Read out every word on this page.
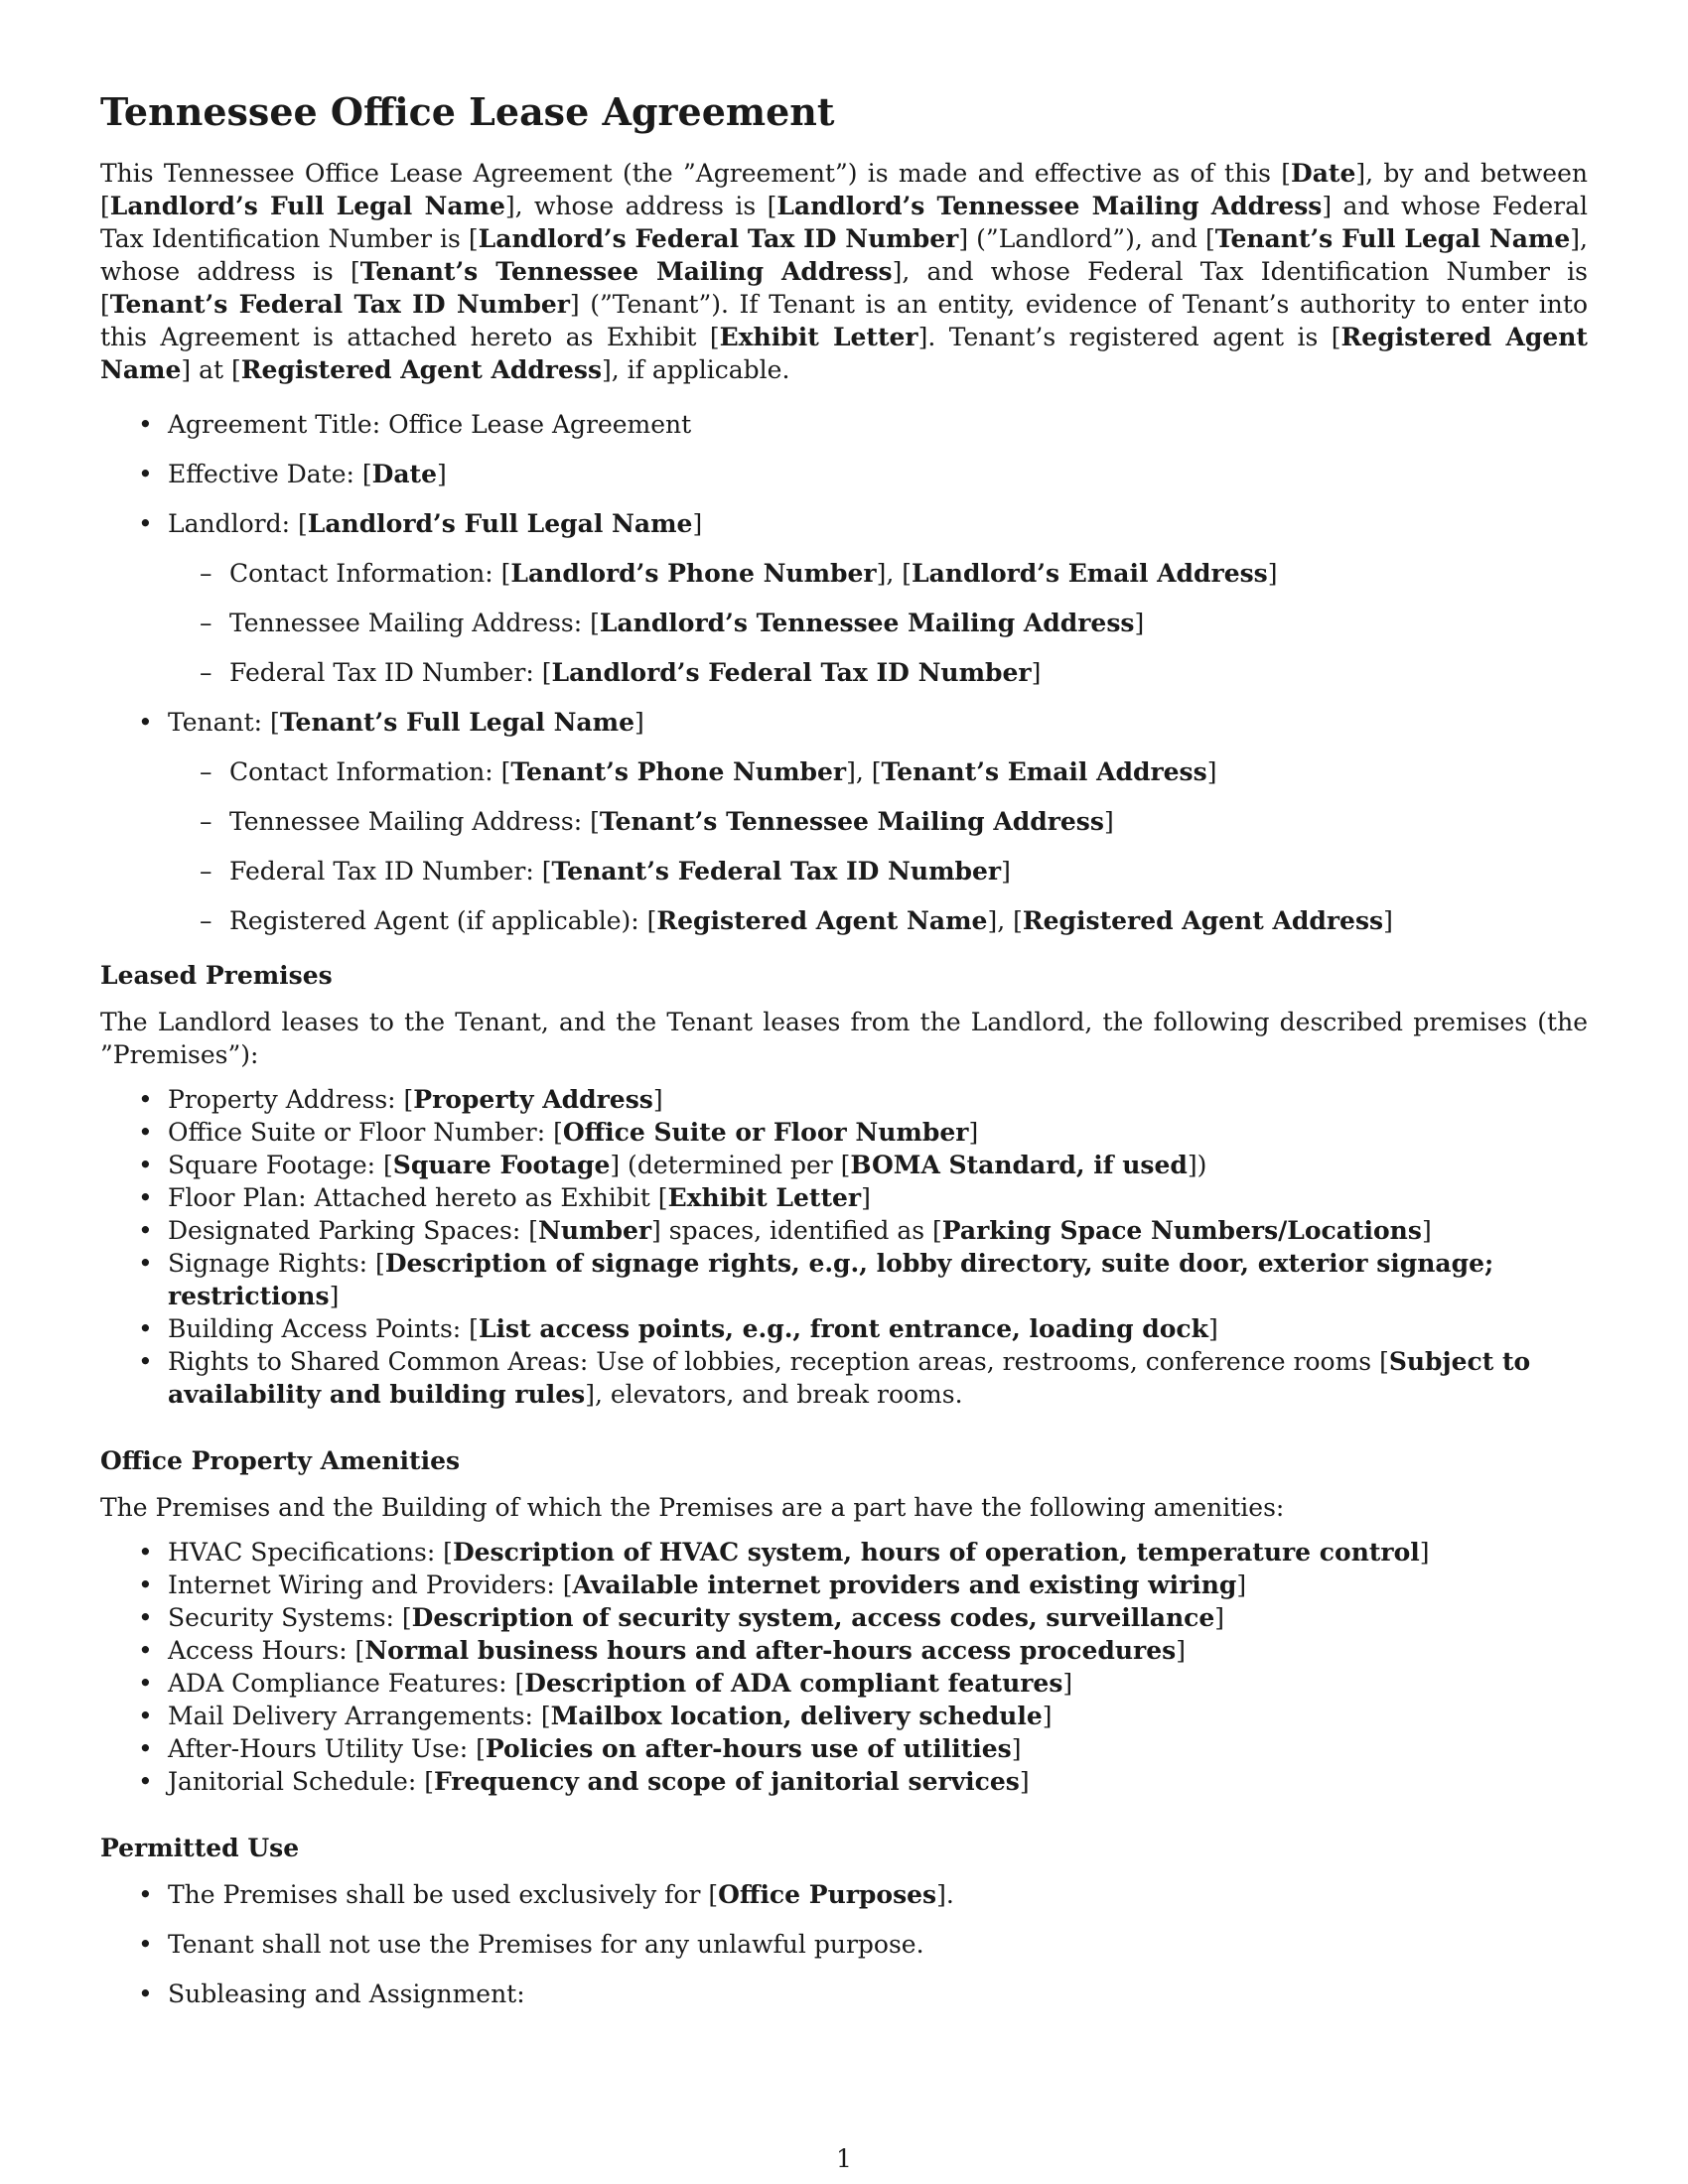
Tennessee Office Lease Agreement

This Tennessee Office Lease Agreement (the ”Agreement”) is made and effective as of this [Date], by and between [Landlord’s Full Legal Name], whose address is [Landlord’s Tennessee Mailing Address] and whose Federal Tax Identification Number is [Landlord’s Federal Tax ID Number] (”Landlord”), and [Tenant’s Full Legal Name], whose address is [Tenant’s Tennessee Mailing Address], and whose Federal Tax Identification Number is [Tenant’s Federal Tax ID Number] (”Tenant”). If Tenant is an entity, evidence of Tenant’s authority to enter into this Agreement is attached hereto as Exhibit [Exhibit Letter]. Tenant’s registered agent is [Registered Agent Name] at [Registered Agent Address], if applicable.

• Agreement Title: Office Lease Agreement
• Effective Date: [Date]
• Landlord: [Landlord’s Full Legal Name]
– Contact Information: [Landlord’s Phone Number], [Landlord’s Email Address]
– Tennessee Mailing Address: [Landlord’s Tennessee Mailing Address]
– Federal Tax ID Number: [Landlord’s Federal Tax ID Number]
• Tenant: [Tenant’s Full Legal Name]
– Contact Information: [Tenant’s Phone Number], [Tenant’s Email Address]
– Tennessee Mailing Address: [Tenant’s Tennessee Mailing Address]
– Federal Tax ID Number: [Tenant’s Federal Tax ID Number]
– Registered Agent (if applicable): [Registered Agent Name], [Registered Agent Address]
Leased Premises

The Landlord leases to the Tenant, and the Tenant leases from the Landlord, the following described premises (the ”Premises”):

• Property Address: [Property Address]
• Office Suite or Floor Number: [Office Suite or Floor Number]
• Square Footage: [Square Footage] (determined per [BOMA Standard, if used])
• Floor Plan: Attached hereto as Exhibit [Exhibit Letter]
• Designated Parking Spaces: [Number] spaces, identified as [Parking Space Numbers/Locations]
• Signage Rights: [Description of signage rights, e.g., lobby directory, suite door, exterior signage; restrictions]
• Building Access Points: [List access points, e.g., front entrance, loading dock]
• Rights to Shared Common Areas: Use of lobbies, reception areas, restrooms, conference rooms [Subject to availability and building rules], elevators, and break rooms.
Office Property Amenities

The Premises and the Building of which the Premises are a part have the following amenities:

• HVAC Specifications: [Description of HVAC system, hours of operation, temperature control]
• Internet Wiring and Providers: [Available internet providers and existing wiring]
• Security Systems: [Description of security system, access codes, surveillance]
• Access Hours: [Normal business hours and after-hours access procedures]
• ADA Compliance Features: [Description of ADA compliant features]
• Mail Delivery Arrangements: [Mailbox location, delivery schedule]
• After-Hours Utility Use: [Policies on after-hours use of utilities]
• Janitorial Schedule: [Frequency and scope of janitorial services]
Permitted Use
• The Premises shall be used exclusively for [Office Purposes].
• Tenant shall not use the Premises for any unlawful purpose.
• Subleasing and Assignment:
1
